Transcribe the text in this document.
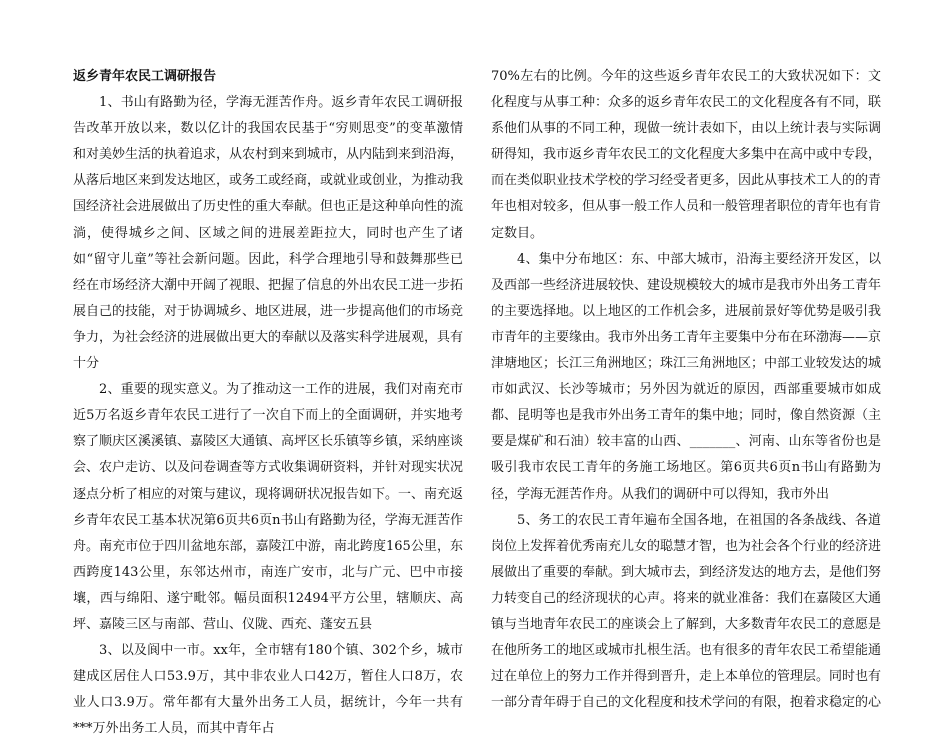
返乡青年农民工调研报告

1、书山有路勤为径，学海无涯苦作舟。返乡青年农民工调研报告改革开放以来，数以亿计的我国农民基于“穷则思变”的变革激情和对美妙生活的执着追求，从农村到来到城市，从内陆到来到沿海，从落后地区来到发达地区，或务工或经商，或就业或创业，为推动我国经济社会进展做出了历史性的重大奉献。但也正是这种单向性的流淌，使得城乡之间、区域之间的进展差距拉大，同时也产生了诸如“留守儿童”等社会新问题。因此，科学合理地引导和鼓舞那些已经在市场经济大潮中开阔了视眼、把握了信息的外出农民工进一步拓展自己的技能，对于协调城乡、地区进展，进一步提高他们的市场竞争力，为社会经济的进展做出更大的奉献以及落实科学进展观，具有十分

2、重要的现实意义。为了推动这一工作的进展，我们对南充市近5万名返乡青年农民工进行了一次自下而上的全面调研，并实地考察了顺庆区溪溪镇、嘉陵区大通镇、高坪区长乐镇等乡镇，采纳座谈会、农户走访、以及问卷调查等方式收集调研资料，并针对现实状况逐点分析了相应的对策与建议，现将调研状况报告如下。一、南充返乡青年农民工基本状况第6页共6页n书山有路勤为径，学海无涯苦作舟。南充市位于四川盆地东部，嘉陵江中游，南北跨度165公里，东西跨度143公里，东邻达州市，南连广安市，北与广元、巴中市接壤，西与绵阳、遂宁毗邻。幅员面积12494平方公里，辖顺庆、高坪、嘉陵三区与南部、营山、仪陇、西充、蓬安五县

3、以及阆中一市。xx年，全市辖有180个镇、302个乡，城市建成区居住人口53.9万，其中非农业人口42万，暂住人口8万，农业人口3.9万。常年都有大量外出务工人员，据统计，今年一共有***万外出务工人员，而其中青年占

70%左右的比例。今年的这些返乡青年农民工的大致状况如下：文化程度与从事工种：众多的返乡青年农民工的文化程度各有不同，联系他们从事的不同工种，现做一统计表如下，由以上统计表与实际调研得知，我市返乡青年农民工的文化程度大多集中在高中或中专段，而在类似职业技术学校的学习经受者更多，因此从事技术工人的的青年也相对较多，但从事一般工作人员和一般管理者职位的青年也有肯定数目。

4、集中分布地区：东、中部大城市，沿海主要经济开发区，以及西部一些经济进展较快、建设规模较大的城市是我市外出务工青年的主要选择地。以上地区的工作机会多，进展前景好等优势是吸引我市青年的主要缘由。我市外出务工青年主要集中分布在环渤海——京津塘地区；长江三角洲地区；珠江三角洲地区；中部工业较发达的城市如武汉、长沙等城市；另外因为就近的原因，西部重要城市如成都、昆明等也是我市外出务工青年的集中地；同时，像自然资源（主要是煤矿和石油）较丰富的山西、_______、河南、山东等省份也是吸引我市农民工青年的务施工场地区。第6页共6页n书山有路勤为径，学海无涯苦作舟。从我们的调研中可以得知，我市外出

5、务工的农民工青年遍布全国各地，在祖国的各条战线、各道岗位上发挥着优秀南充儿女的聪慧才智，也为社会各个行业的经济进展做出了重要的奉献。到大城市去，到经济发达的地方去，是他们努力转变自己的经济现状的心声。将来的就业准备：我们在嘉陵区大通镇与当地青年农民工的座谈会上了解到，大多数青年农民工的意愿是在他所务工的地区或城市扎根生活。也有很多的青年农民工希望能通过在单位上的努力工作并得到晋升，走上本单位的管理层。同时也有一部分青年碍于自己的文化程度和技术学问的有限，抱着求稳定的心
